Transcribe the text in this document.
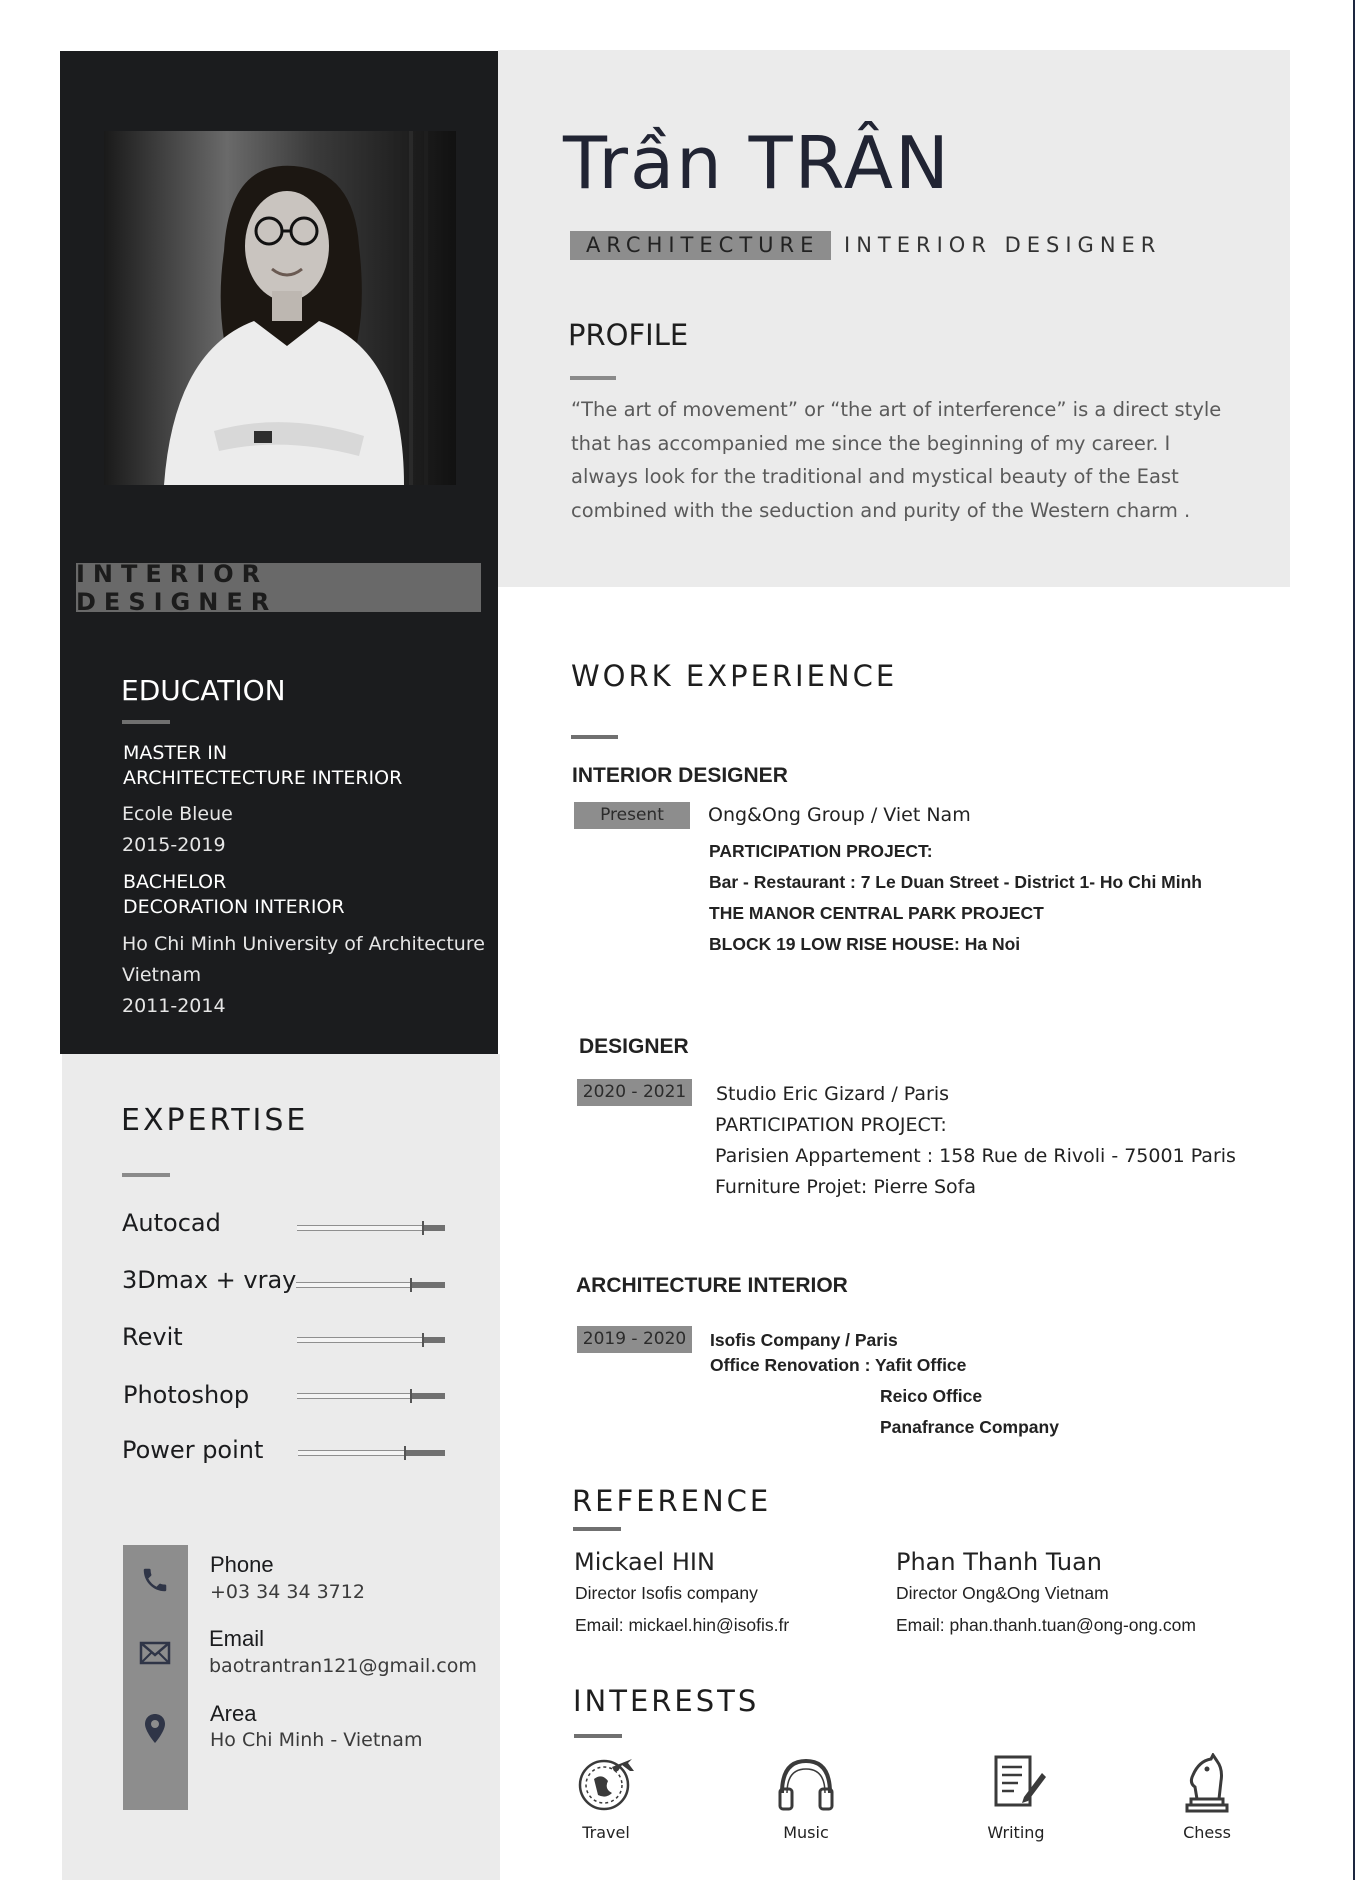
INTERIOR DESIGNER
EDUCATION
MASTER IN
ARCHITECTECTURE INTERIOR
Ecole Bleue
2015-2019
BACHELOR
DECORATION INTERIOR
Ho Chi Minh University of Architecture
Vietnam
2011-2014
EXPERTISE
Autocad
3Dmax + vray
Revit
Photoshop
Power point
Phone
+03 34 34 3712
Email
baotrantran121@gmail.com
Area
Ho Chi Minh - Vietnam
Trần TRÂN
ARCHITECTURE INTERIOR DESIGNER
PROFILE
“The art of movement” or “the art of interference” is a direct style that has accompanied me since the beginning of my career. I always look for the traditional and mystical beauty of the East combined with the seduction and purity of the Western charm .
WORK EXPERIENCE
INTERIOR DESIGNER
Present	Ong&Ong Group / Viet Nam
PARTICIPATION PROJECT:
Bar - Restaurant : 7 Le Duan Street - District 1- Ho Chi Minh
THE MANOR CENTRAL PARK PROJECT
BLOCK 19 LOW RISE HOUSE: Ha Noi
DESIGNER
2020 - 2021	Studio Eric Gizard / Paris
PARTICIPATION PROJECT:
Parisien Appartement : 158 Rue de Rivoli - 75001 Paris
Furniture Projet: Pierre Sofa
ARCHITECTURE INTERIOR
2019 - 2020	Isofis Company / Paris
Office Renovation : Yafit Office
Reico Office
Panafrance Company
REFERENCE
Mickael HIN
Director Isofis company
Email: mickael.hin@isofis.fr
Phan Thanh Tuan
Director Ong&Ong Vietnam
Email: phan.thanh.tuan@ong-ong.com
INTERESTS
Travel	Music	Writing	Chess
